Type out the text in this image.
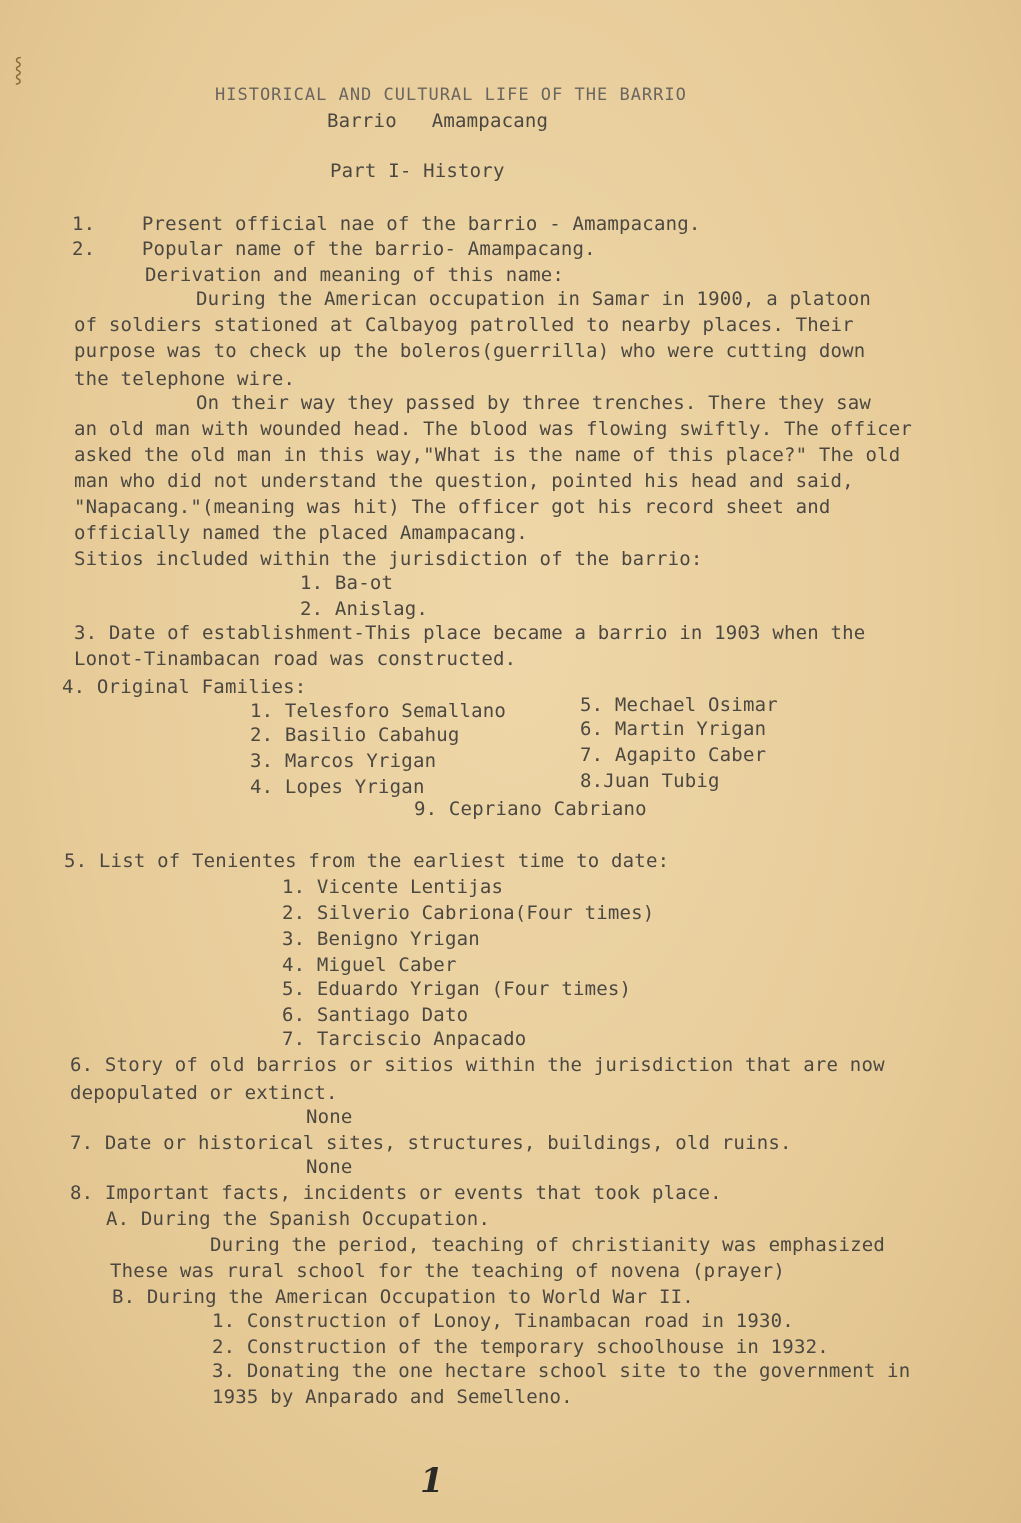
⸾
HISTORICAL AND CULTURAL LIFE OF THE BARRIO
Barrio   Amampacang
Part I- History
1.    Present official nae of the barrio - Amampacang.
2.    Popular name of the barrio- Amampacang.
Derivation and meaning of this name:
During the American occupation in Samar in 1900, a platoon
of soldiers stationed at Calbayog patrolled to nearby places. Their
purpose was to check up the boleros(guerrilla) who were cutting down
the telephone wire.
On their way they passed by three trenches. There they saw
an old man with wounded head. The blood was flowing swiftly. The officer
asked the old man in this way,"What is the name of this place?" The old
man who did not understand the question, pointed his head and said,
"Napacang."(meaning was hit) The officer got his record sheet and
officially named the placed Amampacang.
Sitios included within the jurisdiction of the barrio:
1. Ba-ot
2. Anislag.
3. Date of establishment-This place became a barrio in 1903 when the
Lonot-Tinambacan road was constructed.
4. Original Families:
1. Telesforo Semallano
2. Basilio Cabahug
3. Marcos Yrigan
4. Lopes Yrigan
5. Mechael Osimar
6. Martin Yrigan
7. Agapito Caber
8.Juan Tubig
9. Cepriano Cabriano
5. List of Tenientes from the earliest time to date:
1. Vicente Lentijas
2. Silverio Cabriona(Four times)
3. Benigno Yrigan
4. Miguel Caber
5. Eduardo Yrigan (Four times)
6. Santiago Dato
7. Tarciscio Anpacado
6. Story of old barrios or sitios within the jurisdiction that are now
depopulated or extinct.
None
7. Date or historical sites, structures, buildings, old ruins.
None
8. Important facts, incidents or events that took place.
A. During the Spanish Occupation.
During the period, teaching of christianity was emphasized
These was rural school for the teaching of novena (prayer)
B. During the American Occupation to World War II.
1. Construction of Lonoy, Tinambacan road in 1930.
2. Construction of the temporary schoolhouse in 1932.
3. Donating the one hectare school site to the government in
1935 by Anparado and Semelleno.
1
